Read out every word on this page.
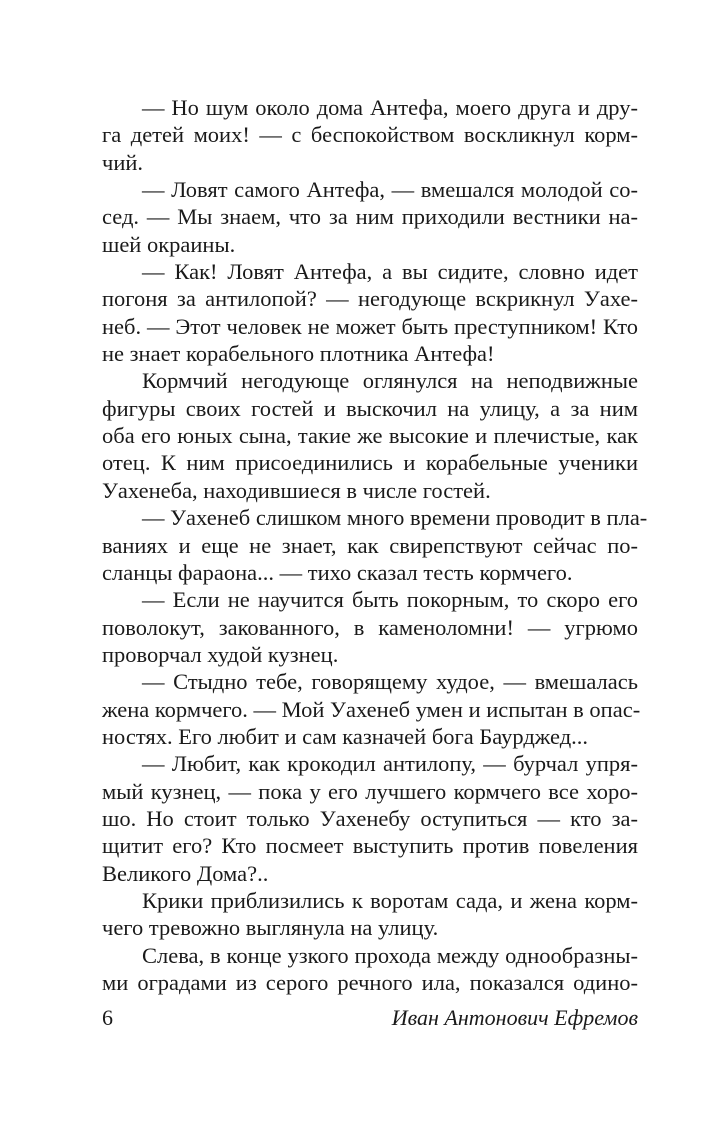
— Но шум около дома Антефа, моего друга и дру-
га детей моих! — с беспокойством воскликнул корм-
чий.
— Ловят самого Антефа, — вмешался молодой со-
сед. — Мы знаем, что за ним приходили вестники на-
шей окраины.
— Как! Ловят Антефа, а вы сидите, словно идет
погоня за антилопой? — негодующе вскрикнул Уахе-
неб. — Этот человек не может быть преступником! Кто
не знает корабельного плотника Антефа!
Кормчий негодующе оглянулся на неподвижные
фигуры своих гостей и выскочил на улицу, а за ним
оба его юных сына, такие же высокие и плечистые, как
отец. К ним присоединились и корабельные ученики
Уахенеба, находившиеся в числе гостей.
— Уахенеб слишком много времени проводит в пла-
ваниях и еще не знает, как свирепствуют сейчас по-
сланцы фараона... — тихо сказал тесть кормчего.
— Если не научится быть покорным, то скоро его
поволокут, закованного, в каменоломни! — угрюмо
проворчал худой кузнец.
— Стыдно тебе, говорящему худое, — вмешалась
жена кормчего. — Мой Уахенеб умен и испытан в опас-
ностях. Его любит и сам казначей бога Баурджед...
— Любит, как крокодил антилопу, — бурчал упря-
мый кузнец, — пока у его лучшего кормчего все хоро-
шо. Но стоит только Уахенебу оступиться — кто за-
щитит его? Кто посмеет выступить против повеления
Великого Дома?..
Крики приблизились к воротам сада, и жена корм-
чего тревожно выглянула на улицу.
Слева, в конце узкого прохода между однообразны-
ми оградами из серого речного ила, показался одино-
6	Иван Антонович Ефремов
